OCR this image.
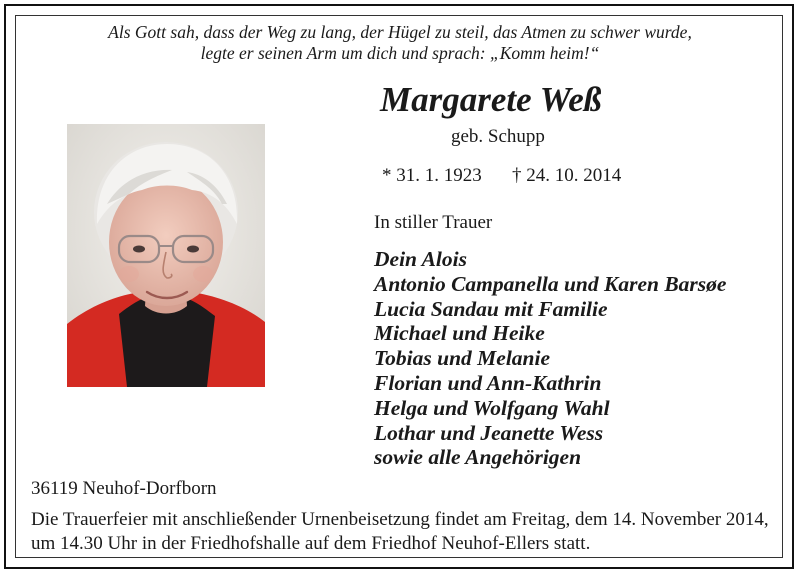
Als Gott sah, dass der Weg zu lang, der Hügel zu steil, das Atmen zu schwer wurde,
legte er seinen Arm um dich und sprach: „Komm heim!“
Margarete Weß
geb. Schupp
* 31. 1. 1923 † 24. 10. 2014
In stiller Trauer
Dein Alois
Antonio Campanella und Karen Barsøe
Lucia Sandau mit Familie
Michael und Heike
Tobias und Melanie
Florian und Ann-Kathrin
Helga und Wolfgang Wahl
Lothar und Jeanette Wess
sowie alle Angehörigen
36119 Neuhof-Dorfborn
Die Trauerfeier mit anschließender Urnenbeisetzung findet am Freitag, dem 14. November 2014,
um 14.30 Uhr in der Friedhofshalle auf dem Friedhof Neuhof-Ellers statt.
